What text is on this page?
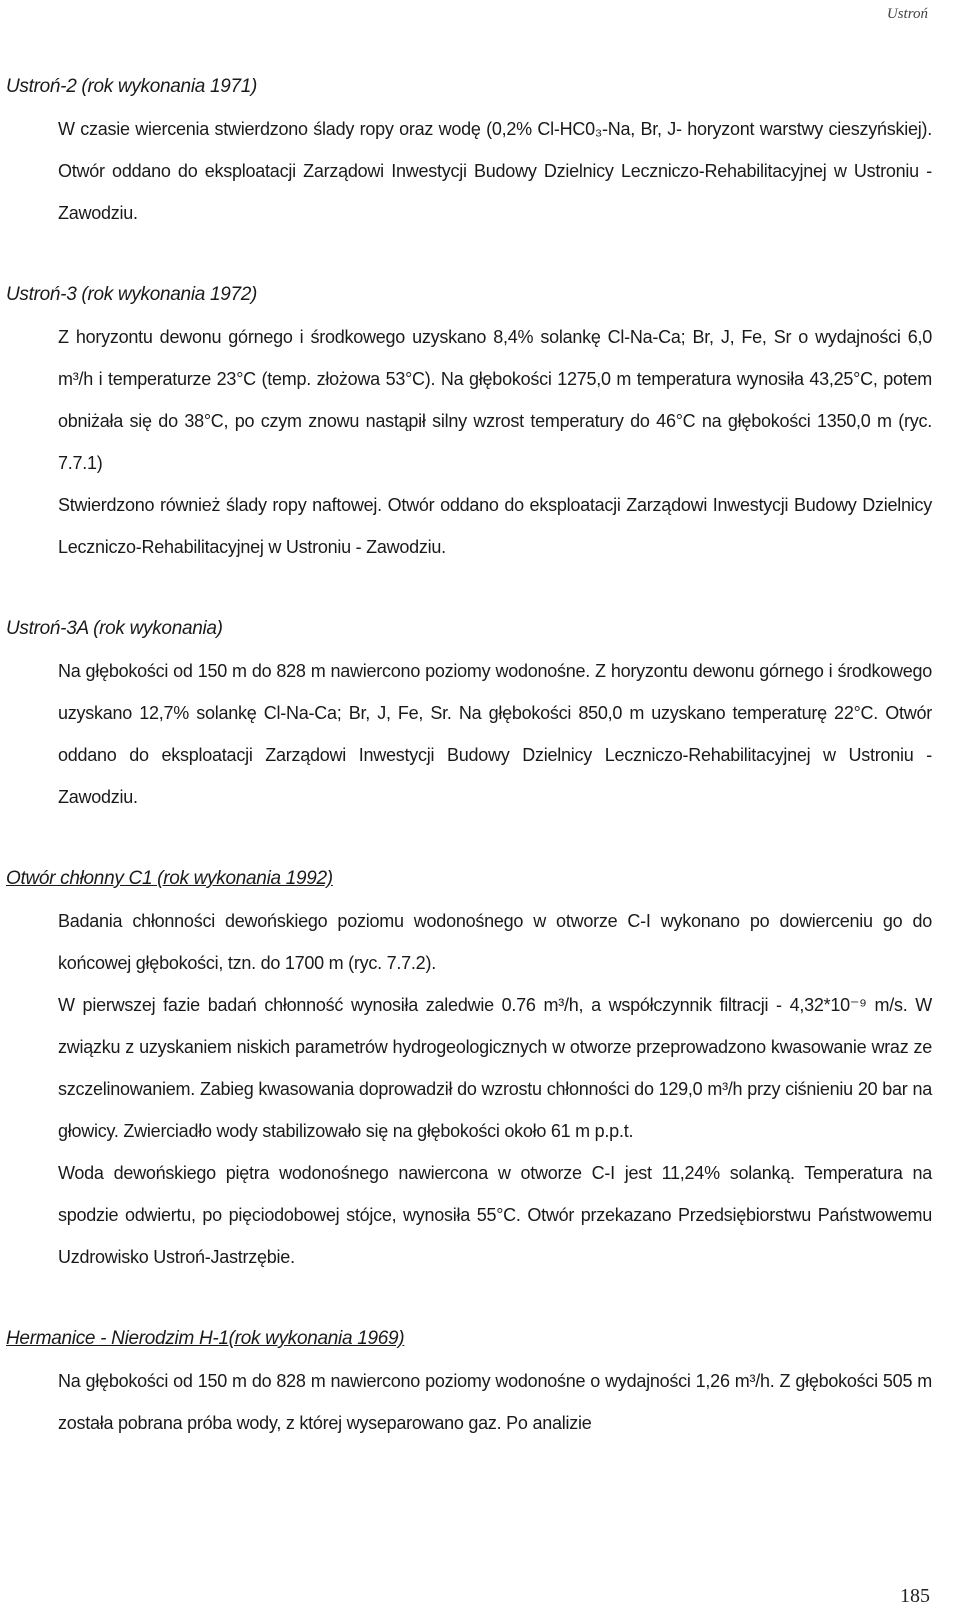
Ustroń
Ustroń-2 (rok wykonania 1971)

W czasie wiercenia stwierdzono ślady ropy oraz wodę (0,2% Cl-HC0₃-Na, Br, J- horyzont warstwy cieszyńskiej). Otwór oddano do eksploatacji Zarządowi Inwestycji Budowy Dzielnicy Leczniczo-Rehabilitacyjnej w Ustroniu - Zawodziu.

Ustroń-3 (rok wykonania 1972)

Z horyzontu dewonu górnego i środkowego uzyskano 8,4% solankę Cl-Na-Ca; Br, J, Fe, Sr o wydajności 6,0 m³/h i temperaturze 23°C (temp. złożowa 53°C). Na głębokości 1275,0 m temperatura wynosiła 43,25°C, potem obniżała się do 38°C, po czym znowu nastąpił silny wzrost temperatury do 46°C na głębokości 1350,0 m (ryc. 7.7.1)

Stwierdzono również ślady ropy naftowej. Otwór oddano do eksploatacji Zarządowi Inwestycji Budowy Dzielnicy Leczniczo-Rehabilitacyjnej w Ustroniu - Zawodziu.

Ustroń-3A (rok wykonania)

Na głębokości od 150 m do 828 m nawiercono poziomy wodonośne. Z horyzontu dewonu górnego i środkowego uzyskano 12,7% solankę Cl-Na-Ca; Br, J, Fe, Sr. Na głębokości 850,0 m uzyskano temperaturę 22°C. Otwór oddano do eksploatacji Zarządowi Inwestycji Budowy Dzielnicy Leczniczo-Rehabilitacyjnej w Ustroniu - Zawodziu.

Otwór chłonny C1 (rok wykonania 1992)

Badania chłonności dewońskiego poziomu wodonośnego w otworze C-I wykonano po dowierceniu go do końcowej głębokości, tzn. do 1700 m (ryc. 7.7.2).

W pierwszej fazie badań chłonność wynosiła zaledwie 0.76 m³/h, a współczynnik filtracji - 4,32*10⁻⁹ m/s. W związku z uzyskaniem niskich parametrów hydrogeologicznych w otworze przeprowadzono kwasowanie wraz ze szczelinowaniem. Zabieg kwasowania doprowadził do wzrostu chłonności do 129,0 m³/h przy ciśnieniu 20 bar na głowicy. Zwierciadło wody stabilizowało się na głębokości około 61 m p.p.t.

Woda dewońskiego piętra wodonośnego nawiercona w otworze C-I jest 11,24% solanką. Temperatura na spodzie odwiertu, po pięciodobowej stójce, wynosiła 55°C. Otwór przekazano Przedsiębiorstwu Państwowemu Uzdrowisko Ustroń-Jastrzębie.

Hermanice - Nierodzim H-1(rok wykonania 1969)

Na głębokości od 150 m do 828 m nawiercono poziomy wodonośne o wydajności 1,26 m³/h. Z głębokości 505 m została pobrana próba wody, z której wyseparowano gaz. Po analizie

185
